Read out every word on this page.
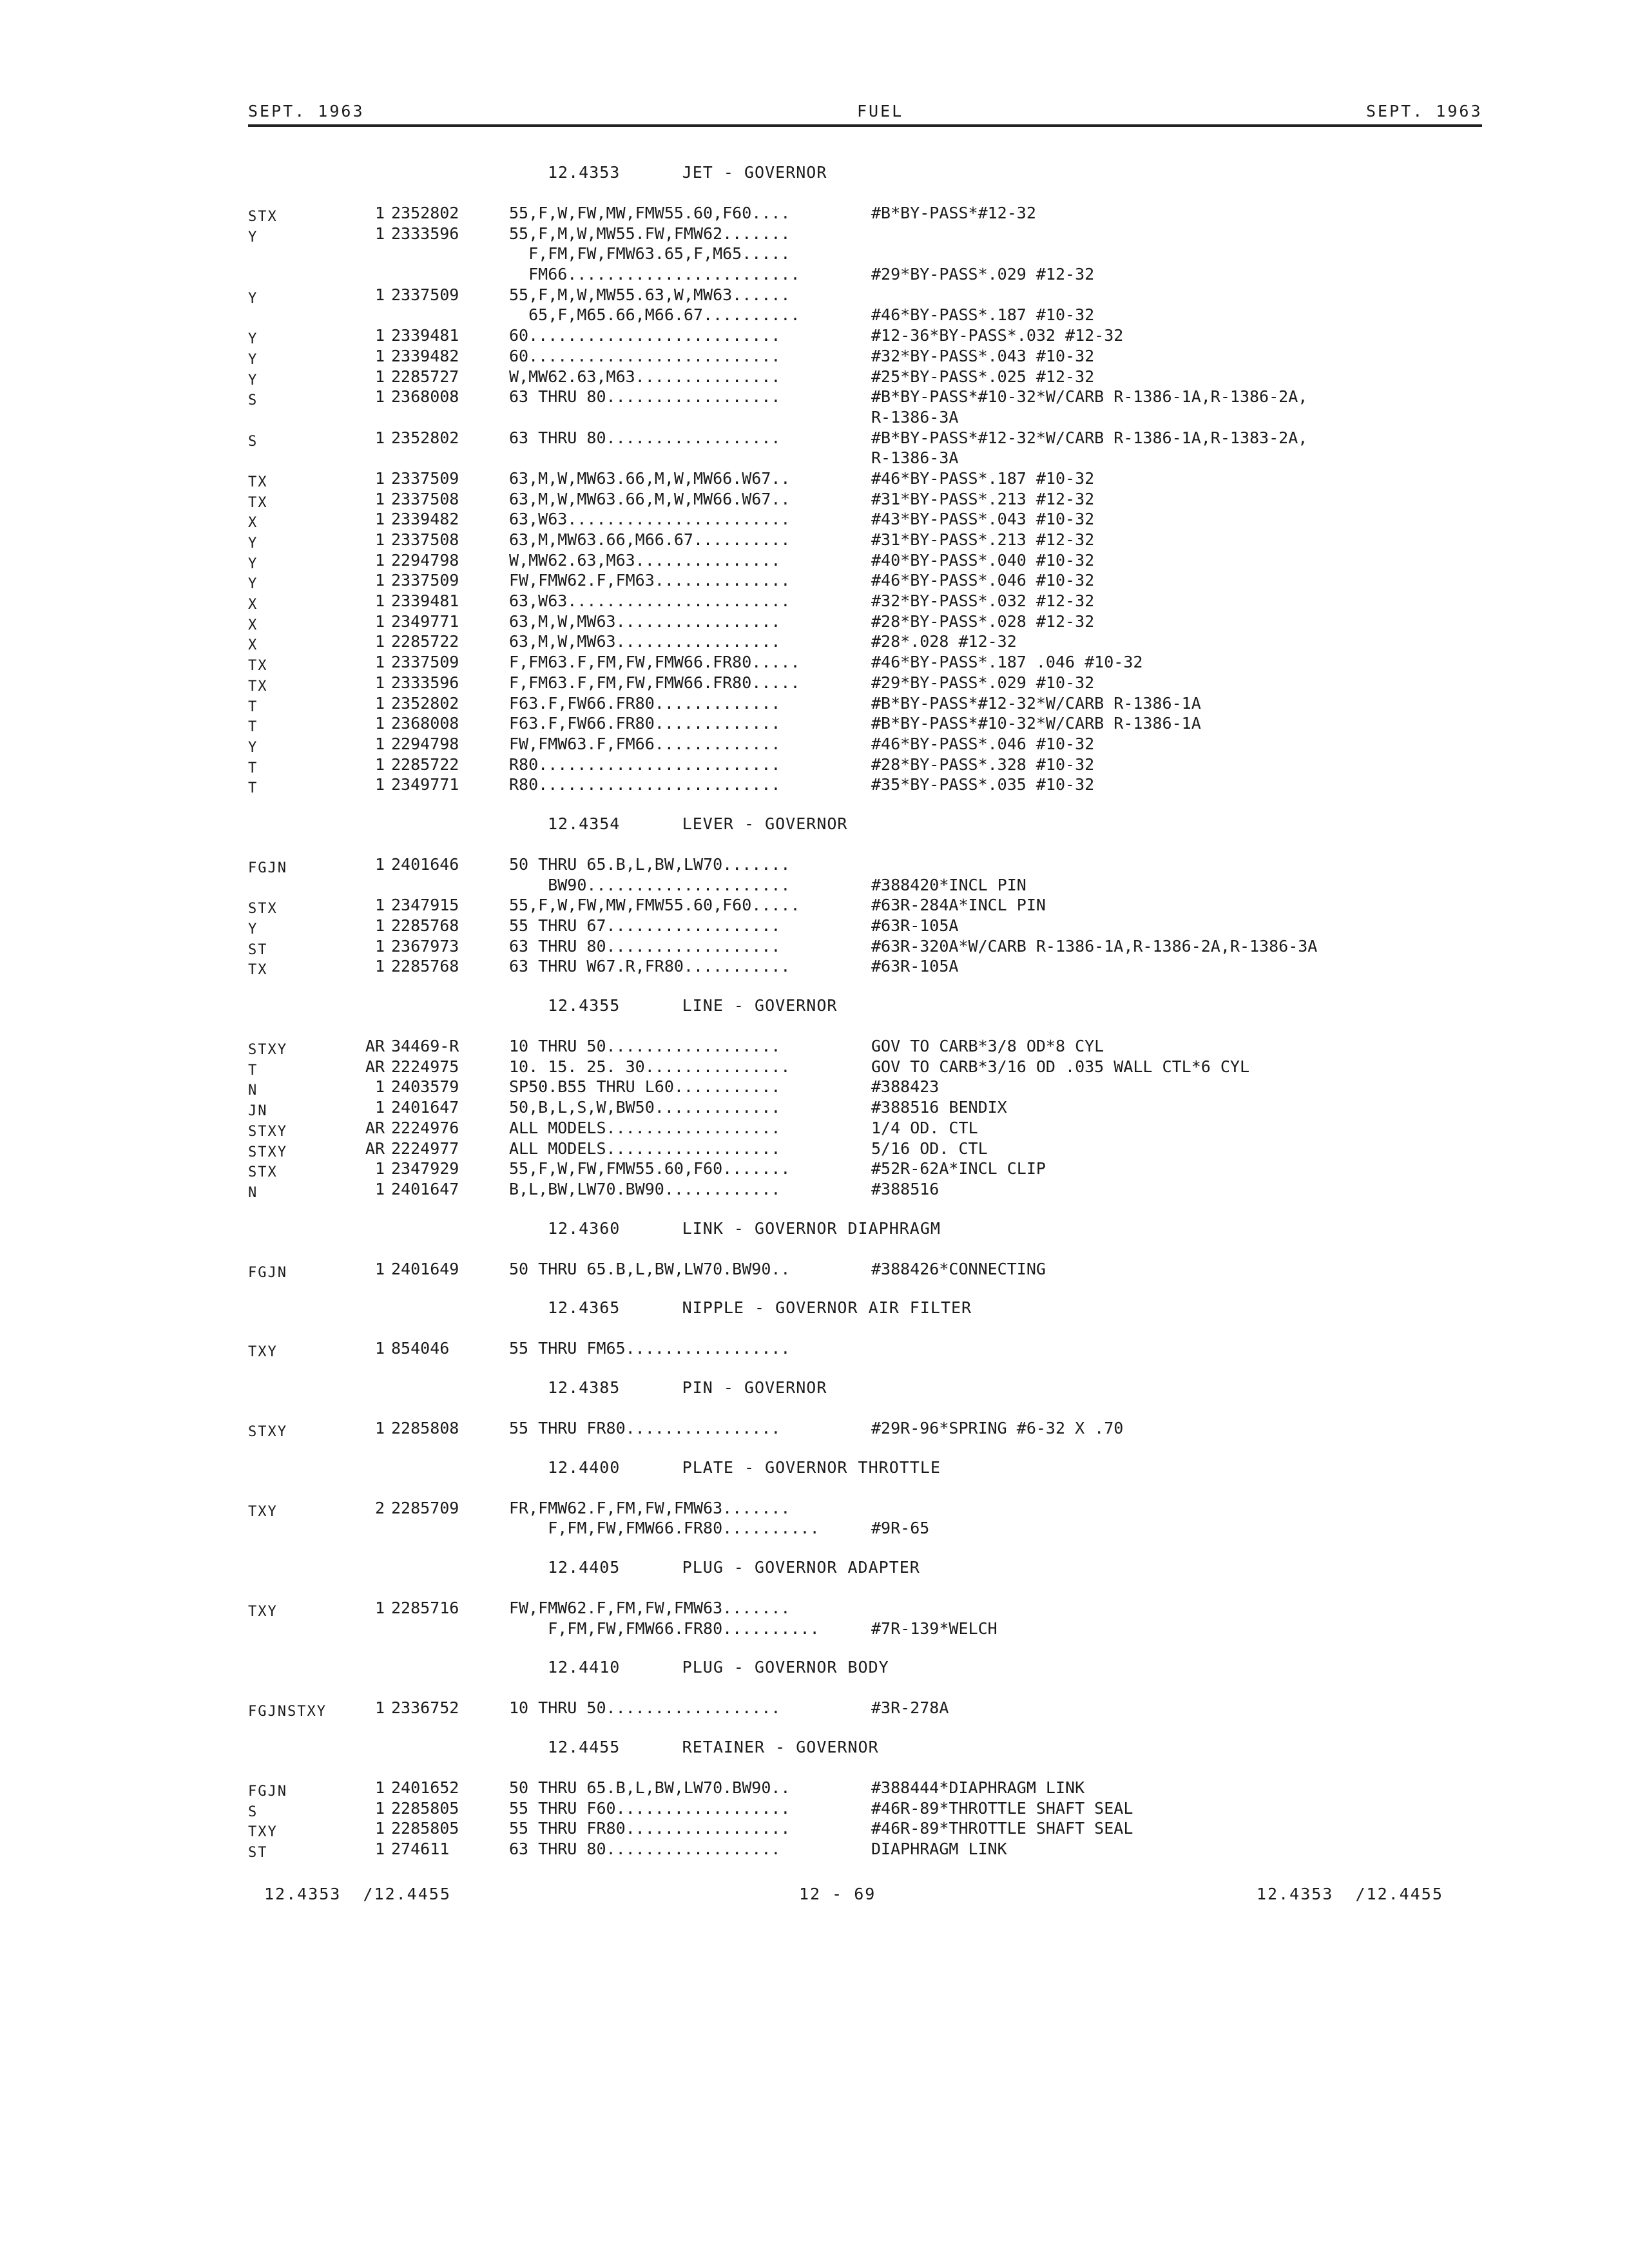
SEPT. 1963	FUEL	SEPT. 1963
12.4353      JET - GOVERNOR
STX	1 2352802	55,F,W,FW,MW,FMW55.60,F60....	#B*BY-PASS*#12-32
Y	1 2333596	55,F,M,W,MW55.FW,FMW62.......
F,FM,FW,FMW63.65,F,M65.....
FM66........................	#29*BY-PASS*.029 #12-32
Y	1 2337509	55,F,M,W,MW55.63,W,MW63......
65,F,M65.66,M66.67..........	#46*BY-PASS*.187 #10-32
Y	1 2339481	60..........................	#12-36*BY-PASS*.032 #12-32
Y	1 2339482	60..........................	#32*BY-PASS*.043 #10-32
Y	1 2285727	W,MW62.63,M63...............	#25*BY-PASS*.025 #12-32
S	1 2368008	63 THRU 80..................	#B*BY-PASS*#10-32*W/CARB R-1386-1A,R-1386-2A,
R-1386-3A
S	1 2352802	63 THRU 80..................	#B*BY-PASS*#12-32*W/CARB R-1386-1A,R-1383-2A,
R-1386-3A
TX	1 2337509	63,M,W,MW63.66,M,W,MW66.W67..	#46*BY-PASS*.187 #10-32
TX	1 2337508	63,M,W,MW63.66,M,W,MW66.W67..	#31*BY-PASS*.213 #12-32
X	1 2339482	63,W63.......................	#43*BY-PASS*.043 #10-32
Y	1 2337508	63,M,MW63.66,M66.67..........	#31*BY-PASS*.213 #12-32
Y	1 2294798	W,MW62.63,M63...............	#40*BY-PASS*.040 #10-32
Y	1 2337509	FW,FMW62.F,FM63..............	#46*BY-PASS*.046 #10-32
X	1 2339481	63,W63.......................	#32*BY-PASS*.032 #12-32
X	1 2349771	63,M,W,MW63.................	#28*BY-PASS*.028 #12-32
X	1 2285722	63,M,W,MW63.................	#28*.028 #12-32
TX	1 2337509	F,FM63.F,FM,FW,FMW66.FR80.....	#46*BY-PASS*.187 .046 #10-32
TX	1 2333596	F,FM63.F,FM,FW,FMW66.FR80.....	#29*BY-PASS*.029 #10-32
T	1 2352802	F63.F,FW66.FR80.............	#B*BY-PASS*#12-32*W/CARB R-1386-1A
T	1 2368008	F63.F,FW66.FR80.............	#B*BY-PASS*#10-32*W/CARB R-1386-1A
Y	1 2294798	FW,FMW63.F,FM66.............	#46*BY-PASS*.046 #10-32
T	1 2285722	R80.........................	#28*BY-PASS*.328 #10-32
T	1 2349771	R80.........................	#35*BY-PASS*.035 #10-32
12.4354      LEVER - GOVERNOR
FGJN	1 2401646	50 THRU 65.B,L,BW,LW70.......
BW90.....................	#388420*INCL PIN
STX	1 2347915	55,F,W,FW,MW,FMW55.60,F60.....	#63R-284A*INCL PIN
Y	1 2285768	55 THRU 67..................	#63R-105A
ST	1 2367973	63 THRU 80..................	#63R-320A*W/CARB R-1386-1A,R-1386-2A,R-1386-3A
TX	1 2285768	63 THRU W67.R,FR80...........	#63R-105A
12.4355      LINE - GOVERNOR
STXY	AR 34469-R	10 THRU 50..................	GOV TO CARB*3/8 OD*8 CYL
T	AR 2224975	10. 15. 25. 30...............	GOV TO CARB*3/16 OD .035 WALL CTL*6 CYL
N	1 2403579	SP50.B55 THRU L60...........	#388423
JN	1 2401647	50,B,L,S,W,BW50.............	#388516 BENDIX
STXY	AR 2224976	ALL MODELS..................	1/4 OD. CTL
STXY	AR 2224977	ALL MODELS..................	5/16 OD. CTL
STX	1 2347929	55,F,W,FW,FMW55.60,F60.......	#52R-62A*INCL CLIP
N	1 2401647	B,L,BW,LW70.BW90............	#388516
12.4360      LINK - GOVERNOR DIAPHRAGM
FGJN	1 2401649	50 THRU 65.B,L,BW,LW70.BW90..	#388426*CONNECTING
12.4365      NIPPLE - GOVERNOR AIR FILTER
TXY	1 854046	55 THRU FM65.................
12.4385      PIN - GOVERNOR
STXY	1 2285808	55 THRU FR80................	#29R-96*SPRING #6-32 X .70
12.4400      PLATE - GOVERNOR THROTTLE
TXY	2 2285709	FR,FMW62.F,FM,FW,FMW63.......
F,FM,FW,FMW66.FR80..........	#9R-65
12.4405      PLUG - GOVERNOR ADAPTER
TXY	1 2285716	FW,FMW62.F,FM,FW,FMW63.......
F,FM,FW,FMW66.FR80..........	#7R-139*WELCH
12.4410      PLUG - GOVERNOR BODY
FGJNSTXY	1 2336752	10 THRU 50..................	#3R-278A
12.4455      RETAINER - GOVERNOR
FGJN	1 2401652	50 THRU 65.B,L,BW,LW70.BW90..	#388444*DIAPHRAGM LINK
S	1 2285805	55 THRU F60..................	#46R-89*THROTTLE SHAFT SEAL
TXY	1 2285805	55 THRU FR80.................	#46R-89*THROTTLE SHAFT SEAL
ST	1 274611	63 THRU 80..................	DIAPHRAGM LINK
12.4353  /12.4455	12 - 69	12.4353  /12.4455
